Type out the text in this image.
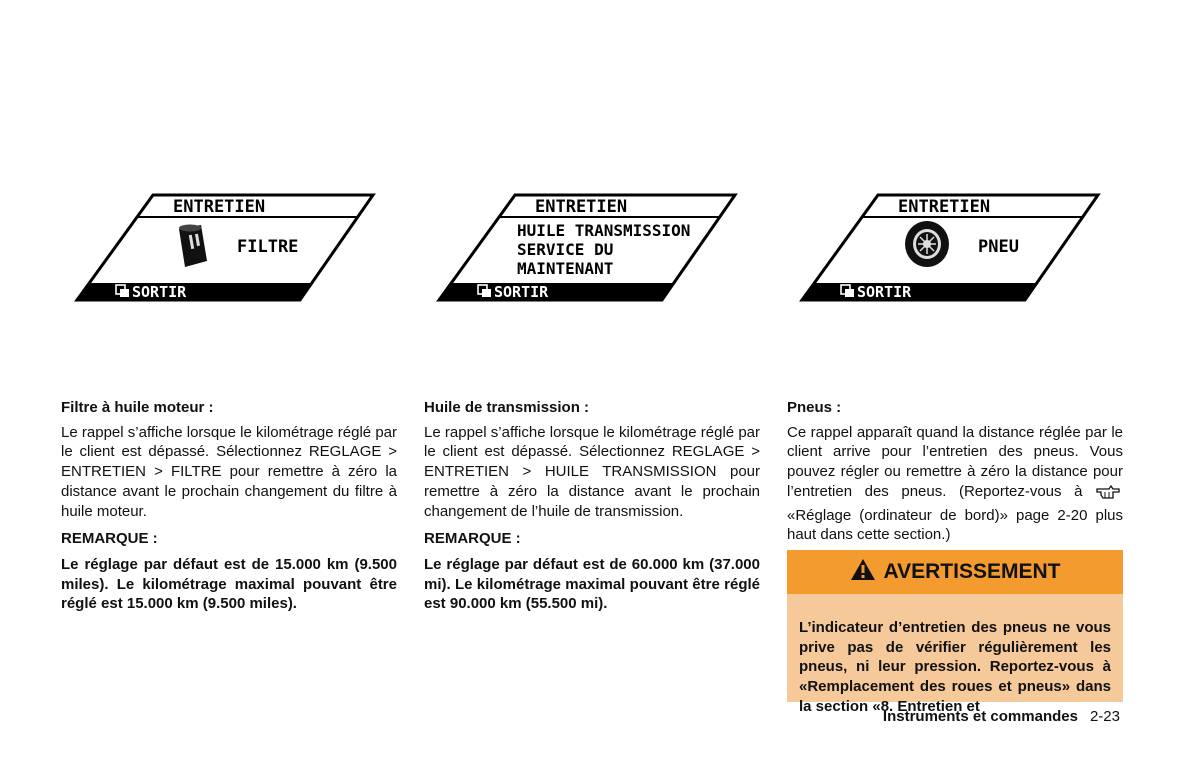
ENTRETIEN
FILTRE
SORTIR
ENTRETIEN
HUILE TRANSMISSION
SERVICE DU
MAINTENANT
SORTIR
ENTRETIEN
PNEU
SORTIR

Filtre à huile moteur :

Le rappel s’affiche lorsque le kilométrage réglé par le client est dépassé. Sélectionnez REGLAGE > ENTRETIEN > FILTRE pour remettre à zéro la distance avant le prochain changement du filtre à huile moteur.

REMARQUE :

Le réglage par défaut est de 15.000 km (9.500 miles). Le kilométrage maximal pouvant être réglé est 15.000 km (9.500 miles).

Huile de transmission :

Le rappel s’affiche lorsque le kilométrage réglé par le client est dépassé. Sélectionnez REGLAGE > ENTRETIEN > HUILE TRANSMISSION pour remettre à zéro la distance avant le prochain changement de l’huile de transmission.

REMARQUE :

Le réglage par défaut est de 60.000 km (37.000 mi). Le kilométrage maximal pouvant être réglé est 90.000 km (55.500 mi).

Pneus :

Ce rappel apparaît quand la distance réglée par le client arrive pour l’entretien des pneus. Vous pouvez régler ou remettre à zéro la distance pour l’entretien des pneus. (Reportez-vous à «Réglage (ordinateur de bord)» page 2-20 plus haut dans cette section.)

AVERTISSEMENT

L’indicateur d’entretien des pneus ne vous prive pas de vérifier régulièrement les pneus, ni leur pression. Reportez-vous à «Remplacement des roues et pneus» dans la section «8. Entretien et

Instruments et commandes 2-23
